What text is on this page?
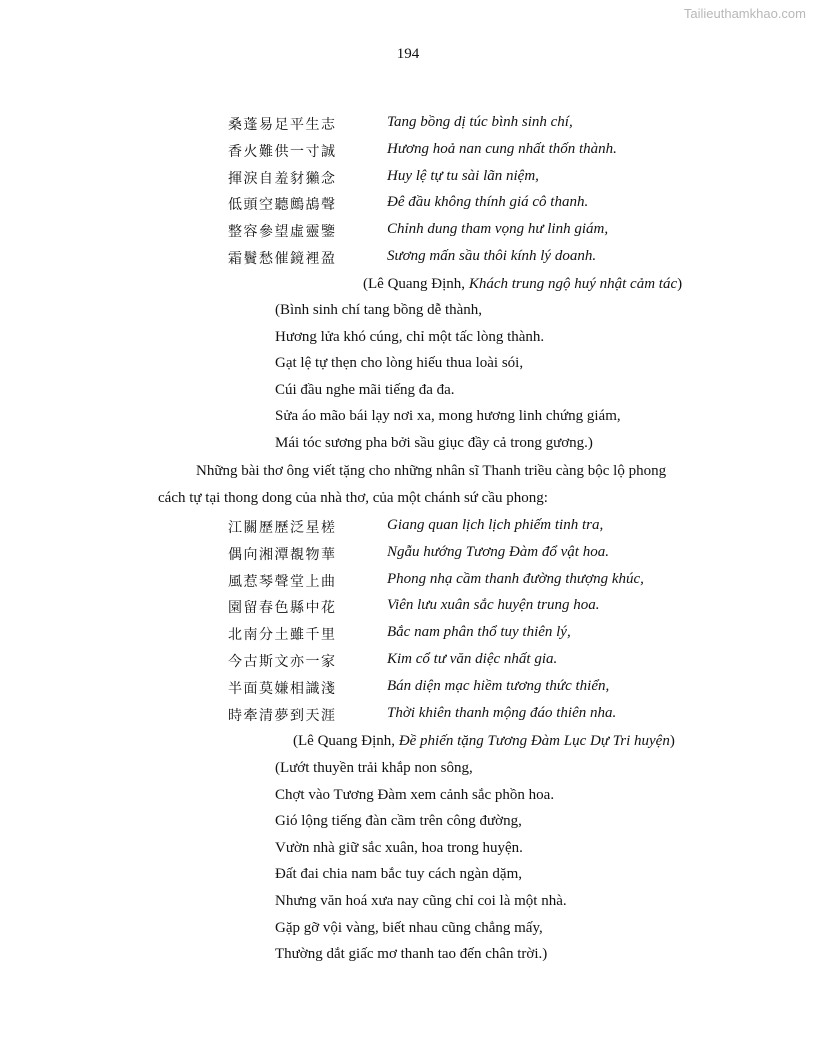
Tailieuthamkhao.com
194
桑蓬易足平生志	Tang bồng dị túc bình sinh chí,
香火難供一寸誠	Hương hoả nan cung nhất thốn thành.
揮淚自羞豺獺念	Huy lệ tự tu sài lãn niệm,
低頭空聽鷓鴣聲	Đê đầu không thính giá cô thanh.
整容參望虛靈鑒	Chỉnh dung tham vọng hư linh giám,
霜鬢愁催鏡裡盈	Sương mấn sầu thôi kính lý doanh.
(Lê Quang Định, Khách trung ngộ huý nhật cảm tác)
(Bình sinh chí tang bồng dễ thành,
Hương lửa khó cúng, chỉ một tấc lòng thành.
Gạt lệ tự thẹn cho lòng hiếu thua loài sói,
Cúi đầu nghe mãi tiếng đa đa.
Sửa áo mão bái lạy nơi xa, mong hương linh chứng giám,
Mái tóc sương pha bởi sầu giục đầy cả trong gương.)
Những bài thơ ông viết tặng cho những nhân sĩ Thanh triều càng bộc lộ phong
cách tự tại thong dong của nhà thơ, của một chánh sứ cầu phong:
江關歷歷泛星槎	Giang quan lịch lịch phiếm tinh tra,
偶向湘潭覩物華	Ngẫu hướng Tương Đàm đổ vật hoa.
風惹琴聲堂上曲	Phong nhạ cầm thanh đường thượng khúc,
園留春色縣中花	Viên lưu xuân sắc huyện trung hoa.
北南分土雖千里	Bắc nam phân thổ tuy thiên lý,
今古斯文亦一家	Kim cổ tư văn diệc nhất gia.
半面莫嫌相識淺	Bán diện mạc hiềm tương thức thiển,
時牽清夢到天涯	Thời khiên thanh mộng đáo thiên nha.
(Lê Quang Định, Đề phiến tặng Tương Đàm Lục Dự Tri huyện)
(Lướt thuyền trải khắp non sông,
Chợt vào Tương Đàm xem cảnh sắc phồn hoa.
Gió lộng tiếng đàn cầm trên công đường,
Vườn nhà giữ sắc xuân, hoa trong huyện.
Đất đai chia nam bắc tuy cách ngàn dặm,
Nhưng văn hoá xưa nay cũng chỉ coi là một nhà.
Gặp gỡ vội vàng, biết nhau cũng chẳng mấy,
Thường dắt giấc mơ thanh tao đến chân trời.)
